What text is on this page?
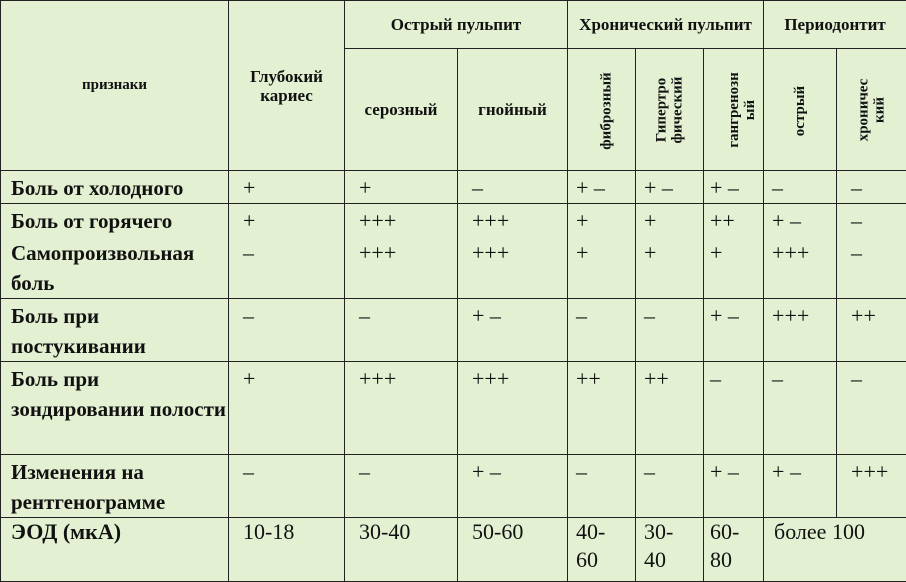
признаки	Глубокий кариес	Острый пульпит		Хронический пульпит			Периодонтит	
		серозный	гнойный	фиброзный	Гипертро фический	гангренозн ый	острый	хроничес кий

Боль от холодного	+	+	–	+ –	+ –	+ –	–	–
Боль от горячего	+	+++	+++	+	+	++	+ –	–
Самопроизвольная боль	–	+++	+++	+	+	+	+++	–
Боль при постукивании	–	–	+ –	–	–	+ –	+++	++
Боль при зондировании полости	+	+++	+++	++	++	–	–	–
Изменения на рентгенограмме	–	–	+ –	–	–	+ –	+ –	+++
ЭОД (мкА)	10-18	30-40	50-60	40-60	30-40	60-80	более 100	
